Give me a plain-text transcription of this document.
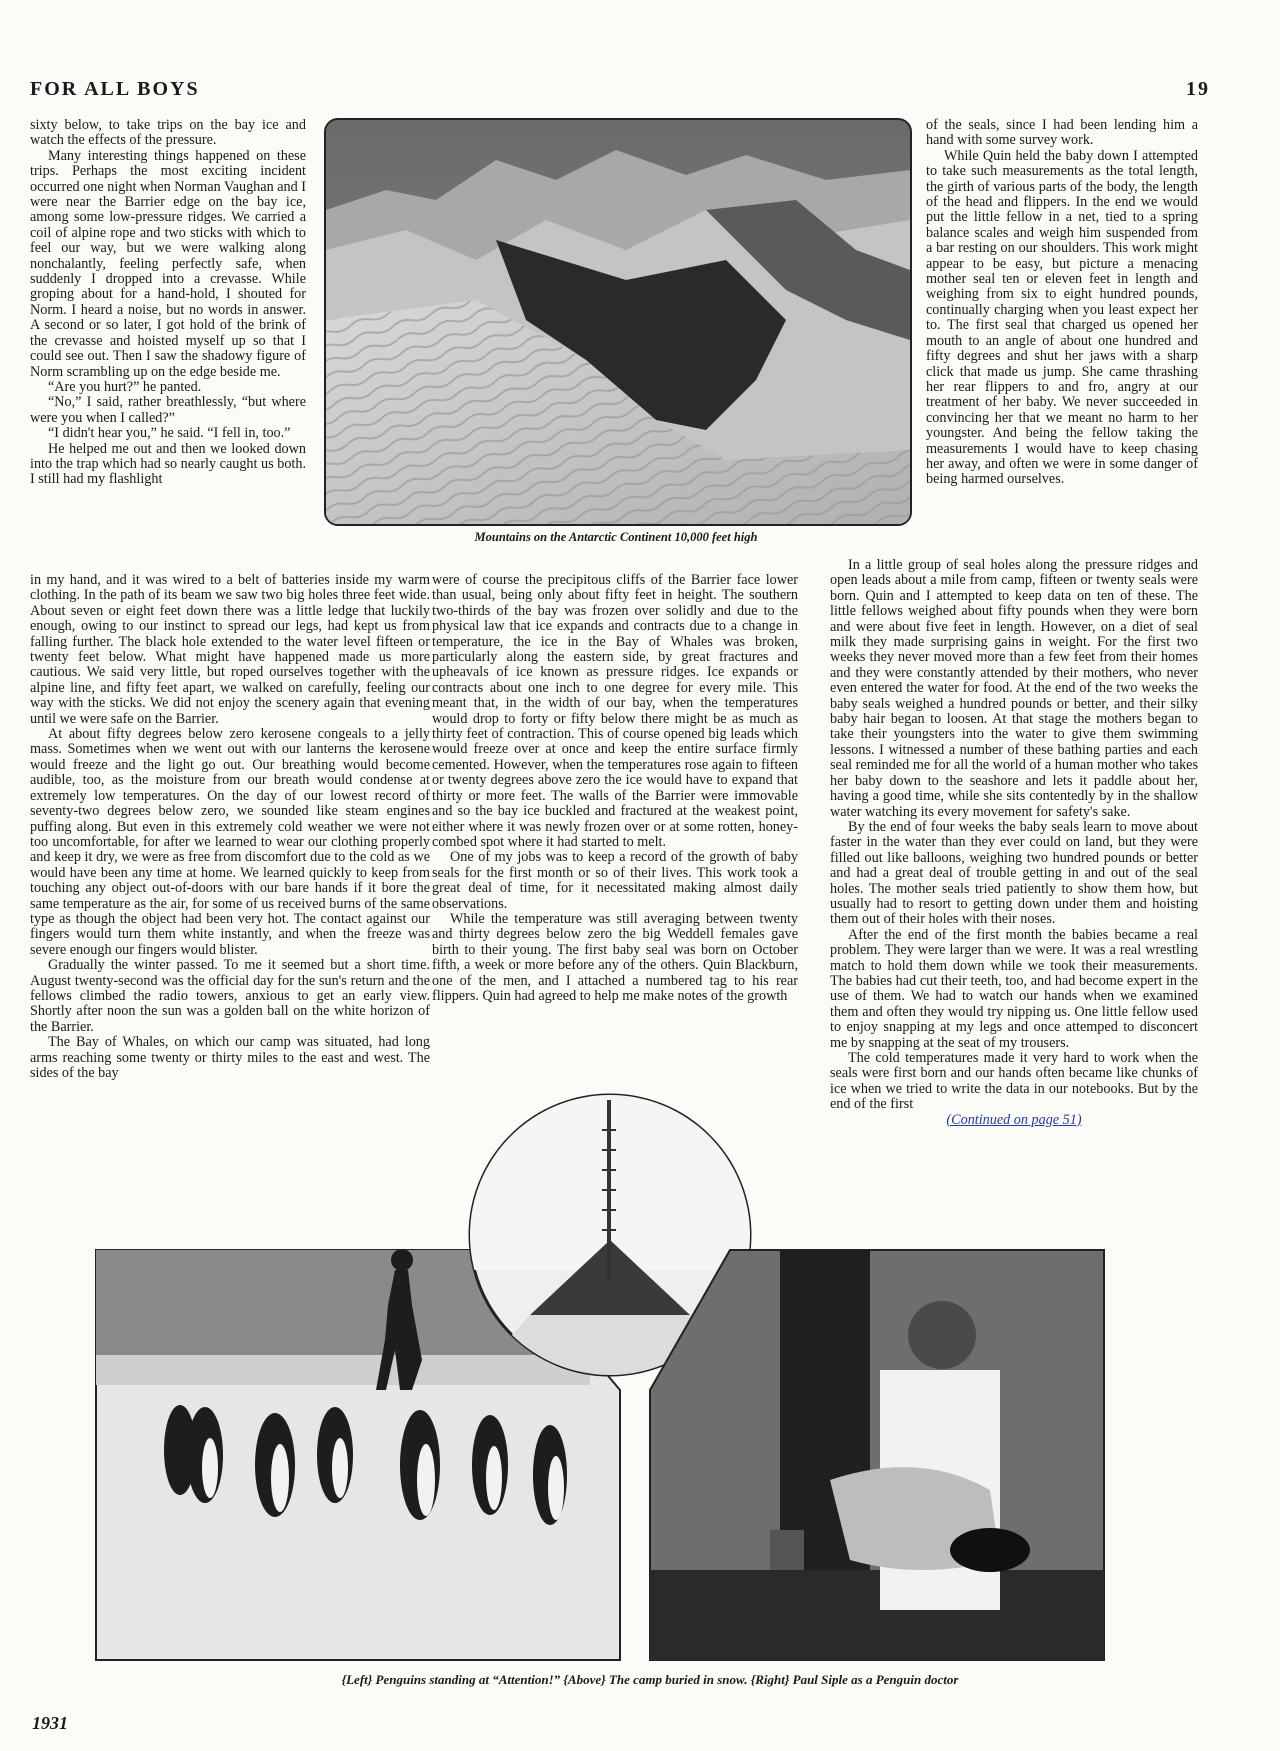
FOR ALL BOYS	19

sixty below, to take trips on the bay ice and watch the effects of the pressure.

Many interesting things happened on these trips. Perhaps the most exciting incident occurred one night when Norman Vaughan and I were near the Barrier edge on the bay ice, among some low-pressure ridges. We carried a coil of alpine rope and two sticks with which to feel our way, but we were walking along nonchalantly, feeling perfectly safe, when suddenly I dropped into a crevasse. While groping about for a hand-hold, I shouted for Norm. I heard a noise, but no words in answer. A second or so later, I got hold of the brink of the crevasse and hoisted myself up so that I could see out. Then I saw the shadowy figure of Norm scrambling up on the edge beside me.

“Are you hurt?” he panted.

“No,” I said, rather breathlessly, “but where were you when I called?”

“I didn't hear you,” he said. “I fell in, too.”

He helped me out and then we looked down into the trap which had so nearly caught us both. I still had my flashlight

Mountains on the Antarctic Continent 10,000 feet high

of the seals, since I had been lending him a hand with some survey work.

While Quin held the baby down I attempted to take such measurements as the total length, the girth of various parts of the body, the length of the head and flippers. In the end we would put the little fellow in a net, tied to a spring balance scales and weigh him suspended from a bar resting on our shoulders. This work might appear to be easy, but picture a menacing mother seal ten or eleven feet in length and weighing from six to eight hundred pounds, continually charging when you least expect her to. The first seal that charged us opened her mouth to an angle of about one hundred and fifty degrees and shut her jaws with a sharp click that made us jump. She came thrashing her rear flippers to and fro, angry at our treatment of her baby. We never succeeded in convincing her that we meant no harm to her youngster. And being the fellow taking the measurements I would have to keep chasing her away, and often we were in some danger of being harmed ourselves.

in my hand, and it was wired to a belt of batteries inside my warm clothing. In the path of its beam we saw two big holes three feet wide. About seven or eight feet down there was a little ledge that luckily enough, owing to our instinct to spread our legs, had kept us from falling further. The black hole extended to the water level fifteen or twenty feet below. What might have happened made us more cautious. We said very little, but roped ourselves together with the alpine line, and fifty feet apart, we walked on carefully, feeling our way with the sticks. We did not enjoy the scenery again that evening until we were safe on the Barrier.

At about fifty degrees below zero kerosene congeals to a jelly mass. Sometimes when we went out with our lanterns the kerosene would freeze and the light go out. Our breathing would become audible, too, as the moisture from our breath would condense at extremely low temperatures. On the day of our lowest record of seventy-two degrees below zero, we sounded like steam engines puffing along. But even in this extremely cold weather we were not too uncomfortable, for after we learned to wear our clothing properly and keep it dry, we were as free from discomfort due to the cold as we would have been any time at home. We learned quickly to keep from touching any object out-of-doors with our bare hands if it bore the same temperature as the air, for some of us received burns of the same type as though the object had been very hot. The contact against our fingers would turn them white instantly, and when the freeze was severe enough our fingers would blister.

Gradually the winter passed. To me it seemed but a short time. August twenty-second was the official day for the sun's return and the fellows climbed the radio towers, anxious to get an early view. Shortly after noon the sun was a golden ball on the white horizon of the Barrier.

The Bay of Whales, on which our camp was situated, had long arms reaching some twenty or thirty miles to the east and west. The sides of the bay

were of course the precipitous cliffs of the Barrier face lower than usual, being only about fifty feet in height. The southern two-thirds of the bay was frozen over solidly and due to the physical law that ice expands and contracts due to a change in temperature, the ice in the Bay of Whales was broken, particularly along the eastern side, by great fractures and upheavals of ice known as pressure ridges. Ice expands or contracts about one inch to one degree for every mile. This meant that, in the width of our bay, when the temperatures would drop to forty or fifty below there might be as much as thirty feet of contraction. This of course opened big leads which would freeze over at once and keep the entire surface firmly cemented. However, when the temperatures rose again to fifteen or twenty degrees above zero the ice would have to expand that thirty or more feet. The walls of the Barrier were immovable and so the bay ice buckled and fractured at the weakest point, either where it was newly frozen over or at some rotten, honey-combed spot where it had started to melt.

One of my jobs was to keep a record of the growth of baby seals for the first month or so of their lives. This work took a great deal of time, for it necessitated making almost daily observations.

While the temperature was still averaging between twenty and thirty degrees below zero the big Weddell females gave birth to their young. The first baby seal was born on October fifth, a week or more before any of the others. Quin Blackburn, one of the men, and I attached a numbered tag to his rear flippers. Quin had agreed to help me make notes of the growth

In a little group of seal holes along the pressure ridges and open leads about a mile from camp, fifteen or twenty seals were born. Quin and I attempted to keep data on ten of these. The little fellows weighed about fifty pounds when they were born and were about five feet in length. However, on a diet of seal milk they made surprising gains in weight. For the first two weeks they never moved more than a few feet from their homes and they were constantly attended by their mothers, who never even entered the water for food. At the end of the two weeks the baby seals weighed a hundred pounds or better, and their silky baby hair began to loosen. At that stage the mothers began to take their youngsters into the water to give them swimming lessons. I witnessed a number of these bathing parties and each seal reminded me for all the world of a human mother who takes her baby down to the seashore and lets it paddle about her, having a good time, while she sits contentedly by in the shallow water watching its every movement for safety's sake.

By the end of four weeks the baby seals learn to move about faster in the water than they ever could on land, but they were filled out like balloons, weighing two hundred pounds or better and had a great deal of trouble getting in and out of the seal holes. The mother seals tried patiently to show them how, but usually had to resort to getting down under them and hoisting them out of their holes with their noses.

After the end of the first month the babies became a real problem. They were larger than we were. It was a real wrestling match to hold them down while we took their measurements. The babies had cut their teeth, too, and had become expert in the use of them. We had to watch our hands when we examined them and often they would try nipping us. One little fellow used to enjoy snapping at my legs and once attemped to disconcert me by snapping at the seat of my trousers.

The cold temperatures made it very hard to work when the seals were first born and our hands often became like chunks of ice when we tried to write the data in our notebooks. But by the end of the first

(Continued on page 51)
{Left} Penguins standing at “Attention!” {Above} The camp buried in snow. {Right} Paul Siple as a Penguin doctor
1931
